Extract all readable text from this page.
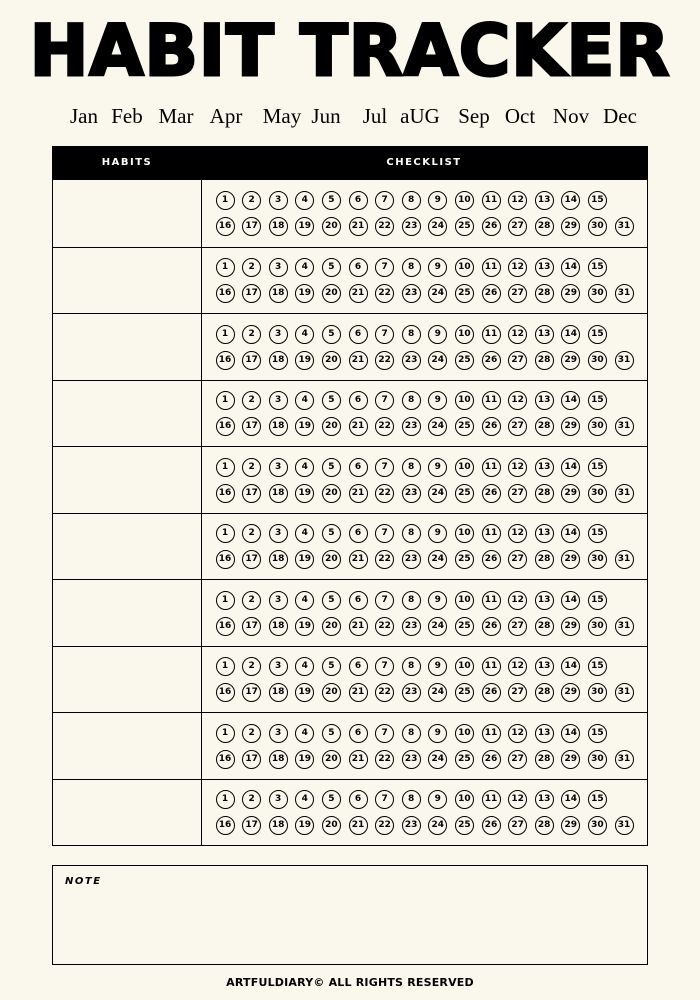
HABIT TRACKER
Jan Feb Mar Apr May Jun Jul aUG Sep Oct Nov Dec
HABITS	CHECKLIST
1	2	3	4	5	6	7	8	9	10	11	12	13	14	15
16	17	18	19	20	21	22	23	24	25	26	27	28	29	30	31
1	2	3	4	5	6	7	8	9	10	11	12	13	14	15
16	17	18	19	20	21	22	23	24	25	26	27	28	29	30	31
1	2	3	4	5	6	7	8	9	10	11	12	13	14	15
16	17	18	19	20	21	22	23	24	25	26	27	28	29	30	31
1	2	3	4	5	6	7	8	9	10	11	12	13	14	15
16	17	18	19	20	21	22	23	24	25	26	27	28	29	30	31
1	2	3	4	5	6	7	8	9	10	11	12	13	14	15
16	17	18	19	20	21	22	23	24	25	26	27	28	29	30	31
1	2	3	4	5	6	7	8	9	10	11	12	13	14	15
16	17	18	19	20	21	22	23	24	25	26	27	28	29	30	31
1	2	3	4	5	6	7	8	9	10	11	12	13	14	15
16	17	18	19	20	21	22	23	24	25	26	27	28	29	30	31
1	2	3	4	5	6	7	8	9	10	11	12	13	14	15
16	17	18	19	20	21	22	23	24	25	26	27	28	29	30	31
1	2	3	4	5	6	7	8	9	10	11	12	13	14	15
16	17	18	19	20	21	22	23	24	25	26	27	28	29	30	31
1	2	3	4	5	6	7	8	9	10	11	12	13	14	15
16	17	18	19	20	21	22	23	24	25	26	27	28	29	30	31
NOTE
ARTFULDIARY© ALL RIGHTS RESERVED
